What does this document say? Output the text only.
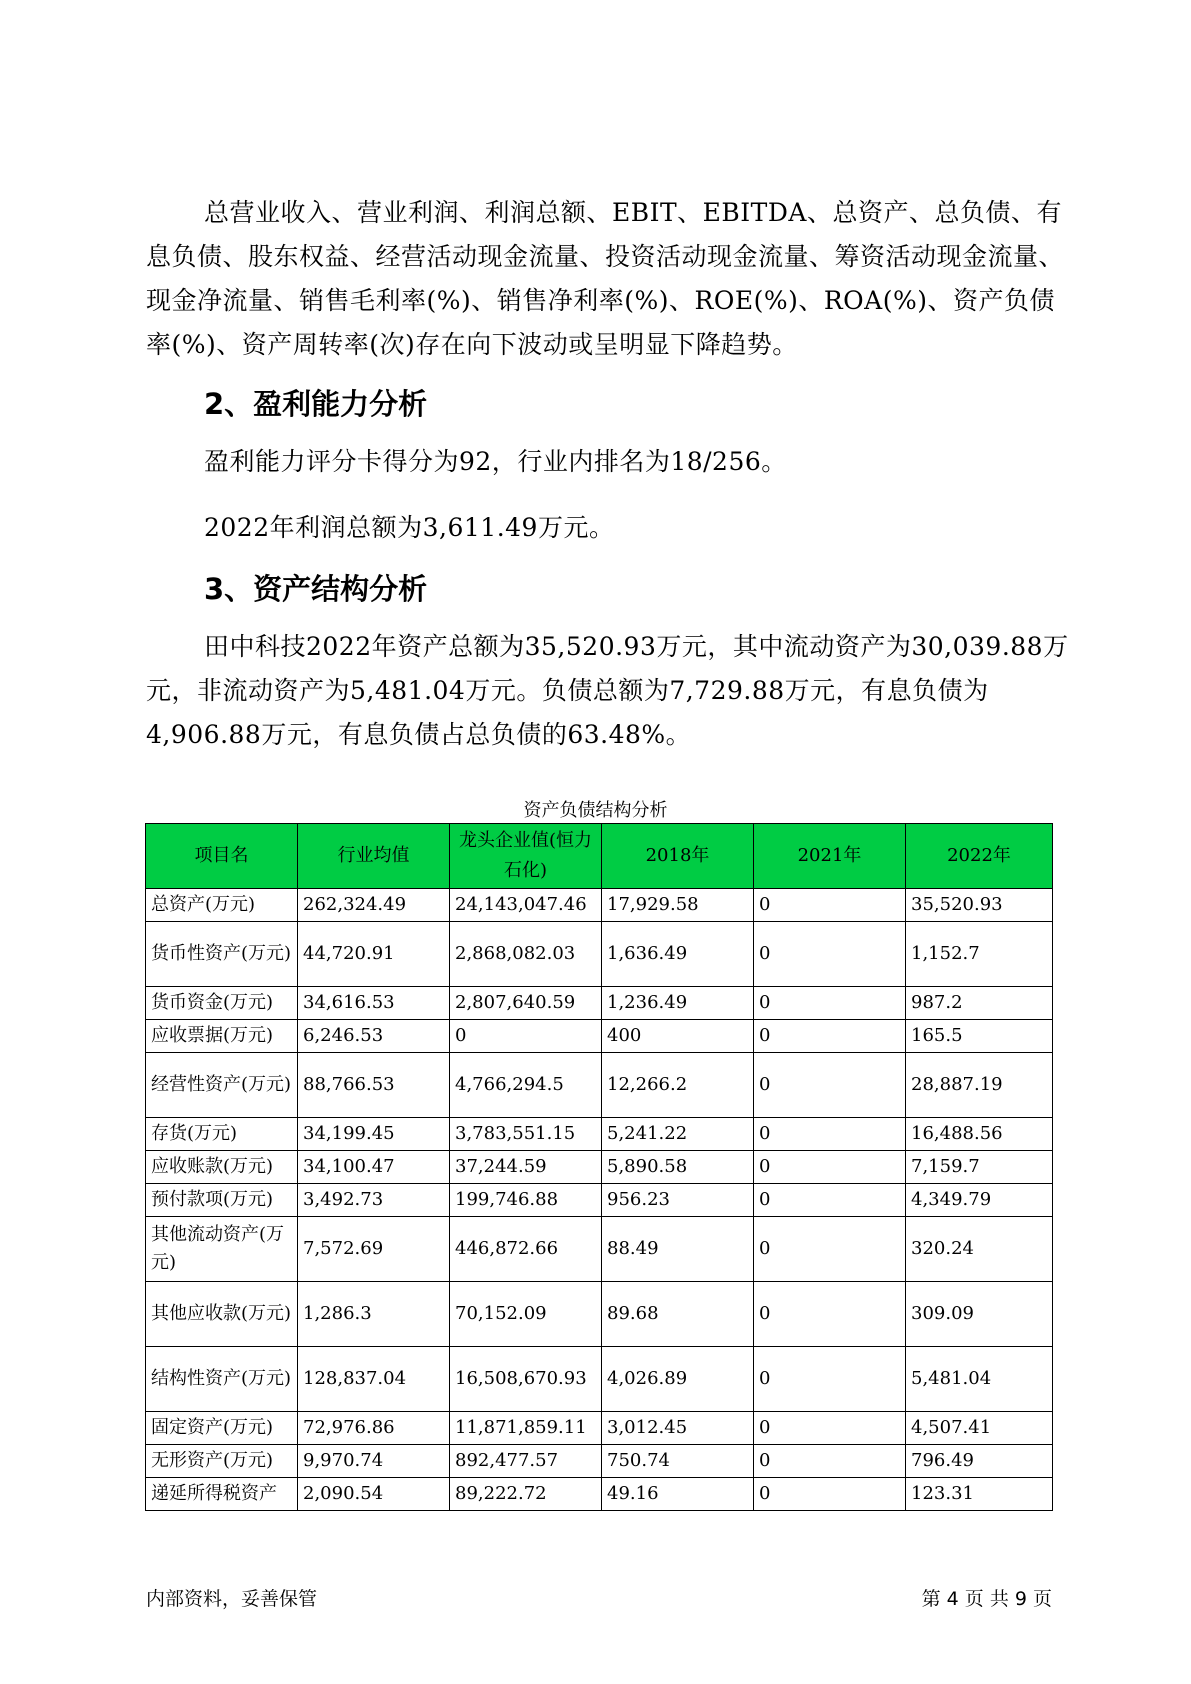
总营业收入、营业利润、利润总额、EBIT、EBITDA、总资产、总负债、有息负债、股东权益、经营活动现金流量、投资活动现金流量、筹资活动现金流量、现金净流量、销售毛利率(%)、销售净利率(%)、ROE(%)、ROA(%)、资产负债率(%)、资产周转率(次)存在向下波动或呈明显下降趋势。
2、盈利能力分析
盈利能力评分卡得分为92，行业内排名为18/256。
2022年利润总额为3,611.49万元。
3、资产结构分析
田中科技2022年资产总额为35,520.93万元，其中流动资产为30,039.88万元，非流动资产为5,481.04万元。负债总额为7,729.88万元，有息负债为4,906.88万元，有息负债占总负债的63.48%。
资产负债结构分析
项目名	行业均值	龙头企业值(恒力石化)	2018年	2021年	2022年
总资产(万元)	262,324.49	24,143,047.46	17,929.58	0	35,520.93
货币性资产(万元)	44,720.91	2,868,082.03	1,636.49	0	1,152.7
货币资金(万元)	34,616.53	2,807,640.59	1,236.49	0	987.2
应收票据(万元)	6,246.53	0	400	0	165.5
经营性资产(万元)	88,766.53	4,766,294.5	12,266.2	0	28,887.19
存货(万元)	34,199.45	3,783,551.15	5,241.22	0	16,488.56
应收账款(万元)	34,100.47	37,244.59	5,890.58	0	7,159.7
预付款项(万元)	3,492.73	199,746.88	956.23	0	4,349.79
其他流动资产(万元)	7,572.69	446,872.66	88.49	0	320.24
其他应收款(万元)	1,286.3	70,152.09	89.68	0	309.09
结构性资产(万元)	128,837.04	16,508,670.93	4,026.89	0	5,481.04
固定资产(万元)	72,976.86	11,871,859.11	3,012.45	0	4,507.41
无形资产(万元)	9,970.74	892,477.57	750.74	0	796.49
递延所得税资产	2,090.54	89,222.72	49.16	0	123.31
内部资料，妥善保管	第 4 页 共 9 页
